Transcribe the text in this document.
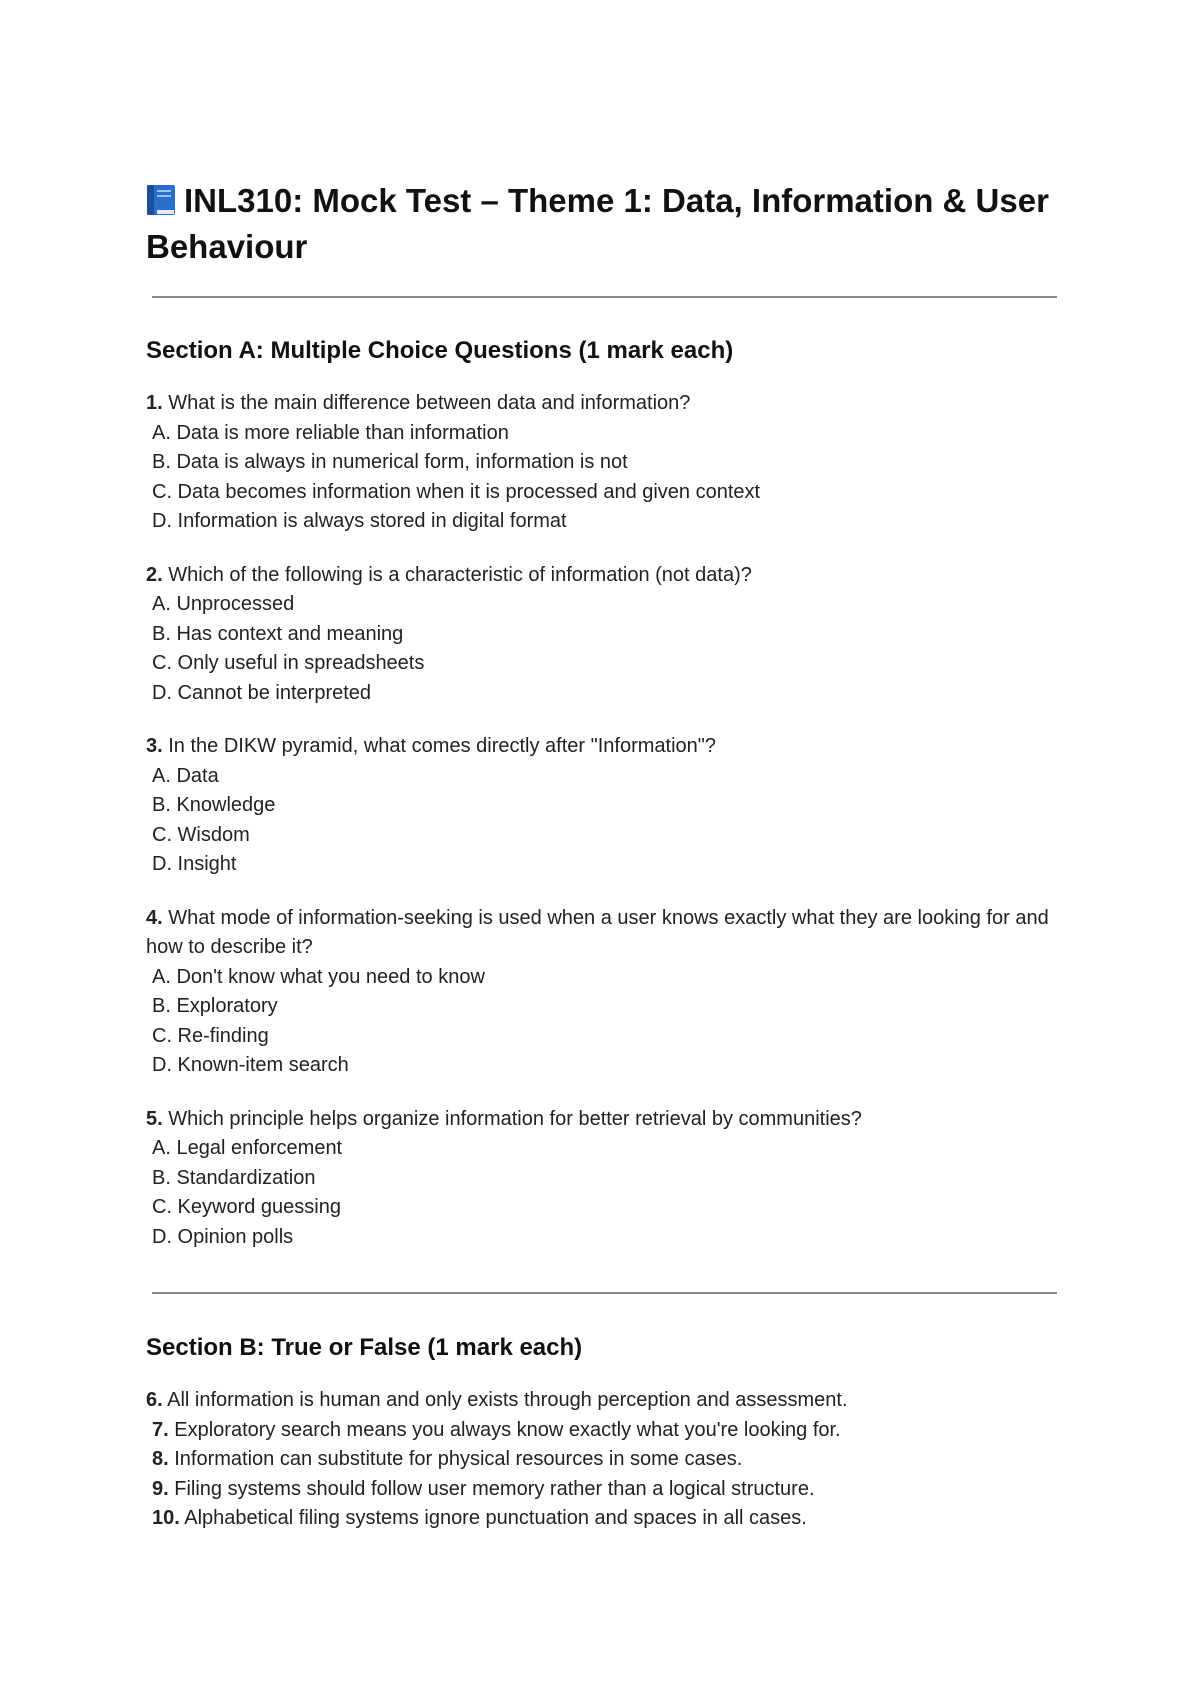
INL310: Mock Test – Theme 1: Data, Information & User Behaviour
Section A: Multiple Choice Questions (1 mark each)
1. What is the main difference between data and information?
A. Data is more reliable than information
B. Data is always in numerical form, information is not
C. Data becomes information when it is processed and given context
D. Information is always stored in digital format
2. Which of the following is a characteristic of information (not data)?
A. Unprocessed
B. Has context and meaning
C. Only useful in spreadsheets
D. Cannot be interpreted
3. In the DIKW pyramid, what comes directly after "Information"?
A. Data
B. Knowledge
C. Wisdom
D. Insight
4. What mode of information-seeking is used when a user knows exactly what they are looking for and how to describe it?
A. Don't know what you need to know
B. Exploratory
C. Re-finding
D. Known-item search
5. Which principle helps organize information for better retrieval by communities?
A. Legal enforcement
B. Standardization
C. Keyword guessing
D. Opinion polls
Section B: True or False (1 mark each)
6. All information is human and only exists through perception and assessment.
7. Exploratory search means you always know exactly what you're looking for.
8. Information can substitute for physical resources in some cases.
9. Filing systems should follow user memory rather than a logical structure.
10. Alphabetical filing systems ignore punctuation and spaces in all cases.
